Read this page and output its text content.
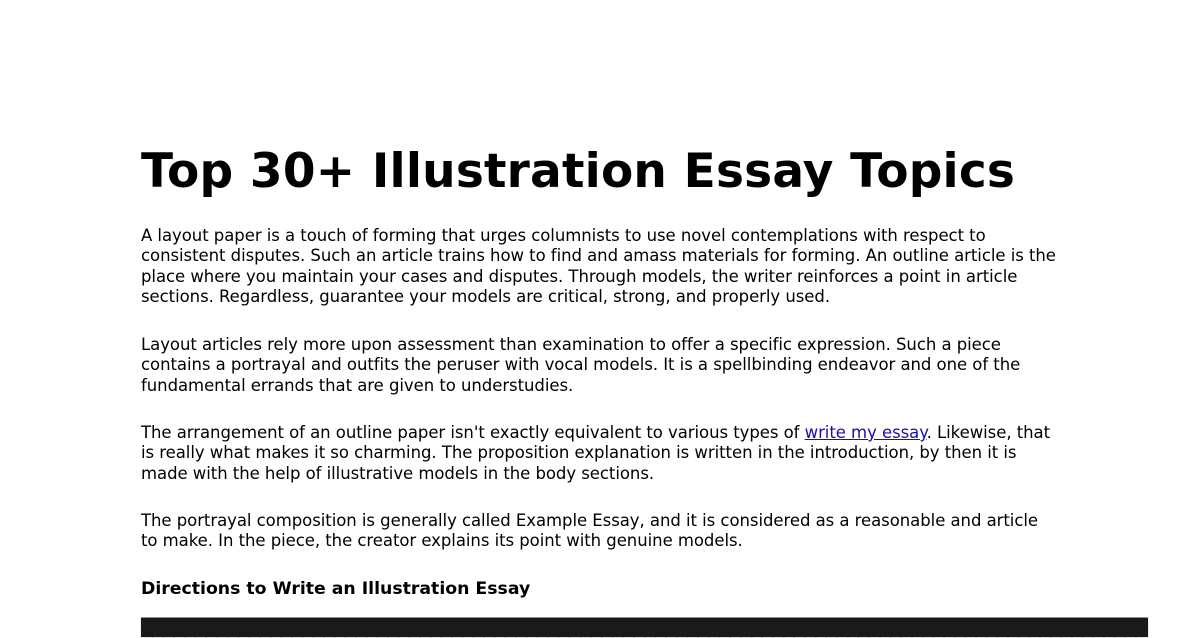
Top 30+ Illustration Essay Topics

A layout paper is a touch of forming that urges columnists to use novel contemplations with respect to consistent disputes. Such an article trains how to find and amass materials for forming. An outline article is the place where you maintain your cases and disputes. Through models, the writer reinforces a point in article sections. Regardless, guarantee your models are critical, strong, and properly used.

Layout articles rely more upon assessment than examination to offer a specific expression. Such a piece contains a portrayal and outfits the peruser with vocal models. It is a spellbinding endeavor and one of the fundamental errands that are given to understudies.

The arrangement of an outline paper isn't exactly equivalent to various types of write my essay. Likewise, that is really what makes it so charming. The proposition explanation is written in the introduction, by then it is made with the help of illustrative models in the body sections.

The portrayal composition is generally called Example Essay, and it is considered as a reasonable and article to make. In the piece, the creator explains its point with genuine models.

Directions to Write an Illustration Essay
██████████████████████████████████████████████████████████████████████████████████████████████
